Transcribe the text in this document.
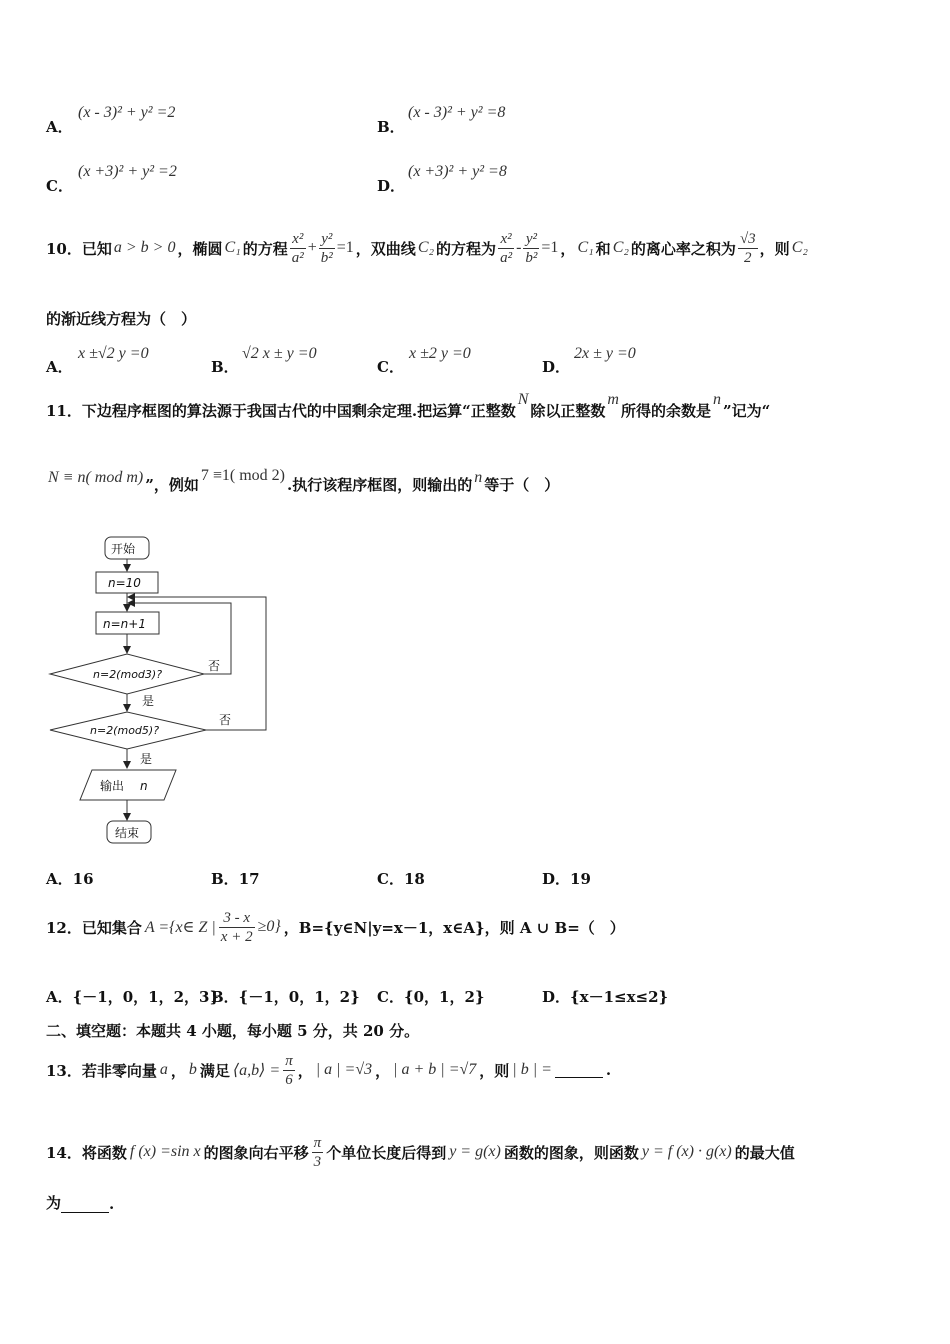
A．
(x - 3)² + y² =2
B．
(x - 3)² + y² =8
C．
(x +3)² + y² =2
D．
(x +3)² + y² =8
10．已知 a > b > 0 ，椭圆 C₁ 的方程 $\frac{\text{x²}}{\text{a²}} + \frac{\text{y²}}{\text{b²}} =1$ ，双曲线 C₂ 的方程为 $\frac{\text{x²}}{\text{a²}} - \frac{\text{y²}}{\text{b²}} =1$ ， C₁ 和 C₂ 的离心率之积为 $\frac{√3}{2}$ ，则 C₂
的渐近线方程为（　）
A．
x ±√2 y =0
B．
√2 x ± y =0
C．
x ±2 y =0
D．
2x ± y =0
11．下边程序框图的算法源于我国古代的中国剩余定理.把运算“正整数
N
除以正整数
m
所得的余数是
n
”记为“
N ≡ n( mod m) ”，例如
7 ≡1( mod 2)
.执行该程序框图，则输出的 n 等于（　）
开始
n=10
n=n+1
n=2(mod3)?
n=2(mod5)?
否
否
是
是
输出 n
结束
A．16	B．17	C．18	D．19
12．已知集合 A ={x∈ Z | $\frac{3 - x}{x + 2} \ge 0$} ，B={y∈N|y=x－1，x∈A}，则 A ∪ B=（　）
A．{－1，0，1，2，3}
B．{－1，0，1，2} C．{0，1，2}	D．{x－1≤x≤2}
二、填空题：本题共 4 小题，每小题 5 分，共 20 分。
13．若非零向量 a ， b 满足 ⟨a,b⟩ = $\frac{\pi}{6}$ ， | a | =√3 ， | a + b | =√7 ，则 | b | =	.
14．将函数 f (x) =sin x 的图象向右平移 $\frac{\pi}{3}$ 个单位长度后得到 y = g(x) 函数的图象，则函数 y = f (x) · g(x) 的最大值
为	.
